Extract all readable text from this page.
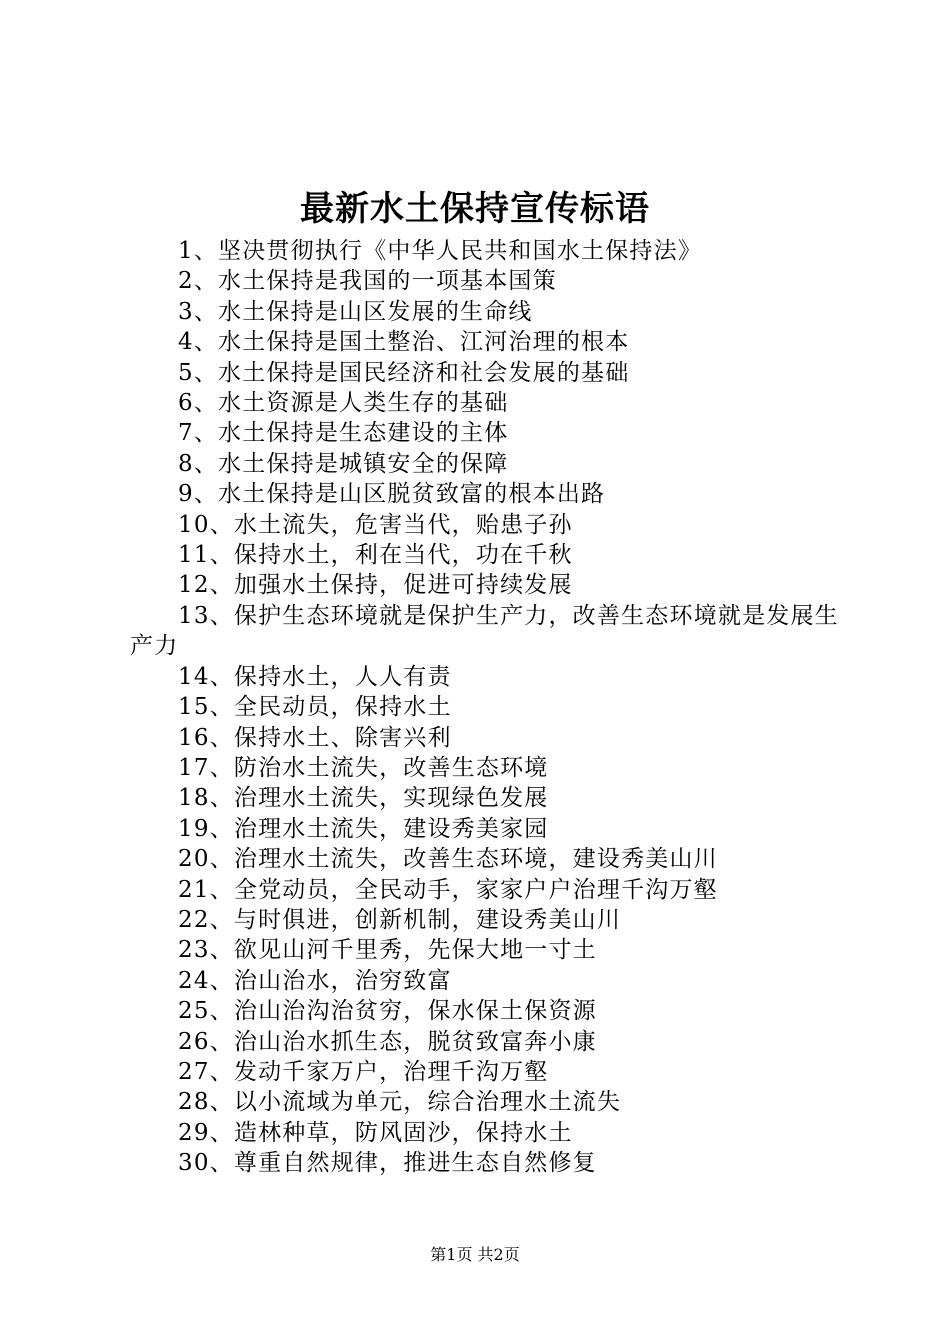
最新水土保持宣传标语
1、坚决贯彻执行《中华人民共和国水土保持法》
2、水土保持是我国的一项基本国策
3、水土保持是山区发展的生命线
4、水土保持是国土整治、江河治理的根本
5、水土保持是国民经济和社会发展的基础
6、水土资源是人类生存的基础
7、水土保持是生态建设的主体
8、水土保持是城镇安全的保障
9、水土保持是山区脱贫致富的根本出路
10、水土流失，危害当代，贻患子孙
11、保持水土，利在当代，功在千秋
12、加强水土保持，促进可持续发展
13、保护生态环境就是保护生产力，改善生态环境就是发展生产力
14、保持水土，人人有责
15、全民动员，保持水土
16、保持水土、除害兴利
17、防治水土流失，改善生态环境
18、治理水土流失，实现绿色发展
19、治理水土流失，建设秀美家园
20、治理水土流失，改善生态环境，建设秀美山川
21、全党动员，全民动手，家家户户治理千沟万壑
22、与时俱进，创新机制，建设秀美山川
23、欲见山河千里秀，先保大地一寸土
24、治山治水，治穷致富
25、治山治沟治贫穷，保水保土保资源
26、治山治水抓生态，脱贫致富奔小康
27、发动千家万户，治理千沟万壑
28、以小流域为单元，综合治理水土流失
29、造林种草，防风固沙，保持水土
30、尊重自然规律，推进生态自然修复
第1页 共2页
